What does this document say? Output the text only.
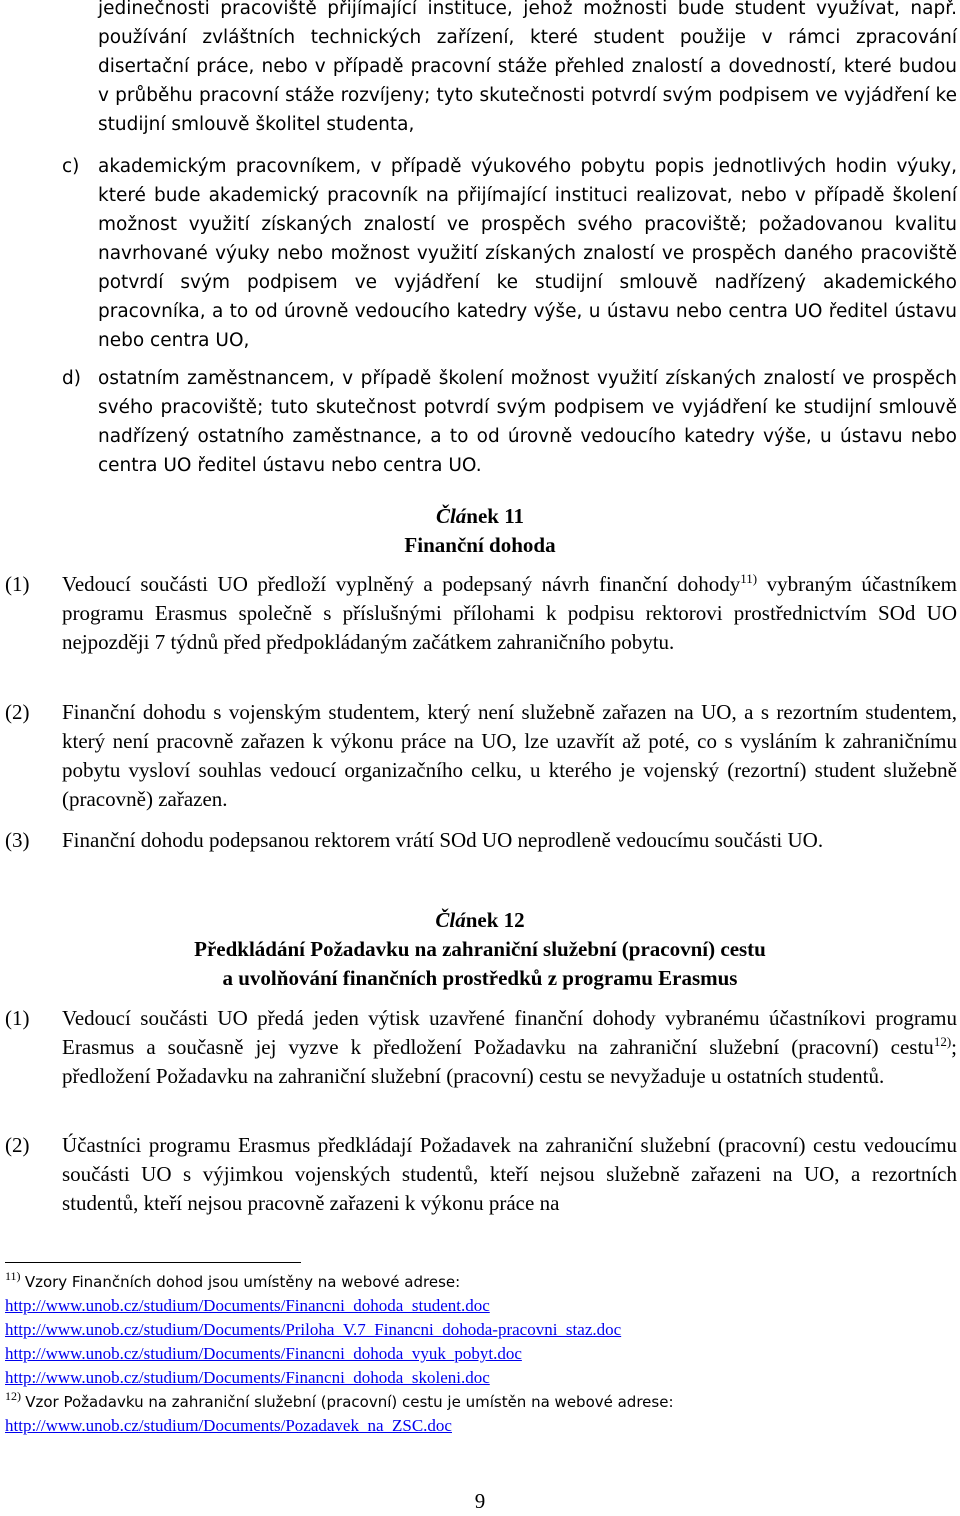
jedinečnosti pracoviště přijímající instituce, jehož možnosti bude student využívat, např. používání zvláštních technických zařízení, které student použije v rámci zpracování disertační práce, nebo v případě pracovní stáže přehled znalostí a dovedností, které budou v průběhu pracovní stáže rozvíjeny; tyto skutečnosti potvrdí svým podpisem ve vyjádření ke studijní smlouvě školitel studenta,
c) akademickým pracovníkem, v případě výukového pobytu popis jednotlivých hodin výuky, které bude akademický pracovník na přijímající instituci realizovat, nebo v případě školení možnost využití získaných znalostí ve prospěch svého pracoviště; požadovanou kvalitu navrhované výuky nebo možnost využití získaných znalostí ve prospěch daného pracoviště potvrdí svým podpisem ve vyjádření ke studijní smlouvě nadřízený akademického pracovníka, a to od úrovně vedoucího katedry výše, u ústavu nebo centra UO ředitel ústavu nebo centra UO,
d) ostatním zaměstnancem, v případě školení možnost využití získaných znalostí ve prospěch svého pracoviště; tuto skutečnost potvrdí svým podpisem ve vyjádření ke studijní smlouvě nadřízený ostatního zaměstnance, a to od úrovně vedoucího katedry výše, u ústavu nebo centra UO ředitel ústavu nebo centra UO.
Článek 11
Finanční dohoda
(1) Vedoucí součásti UO předloží vyplněný a podepsaný návrh finanční dohody$^{11)}$ vybraným účastníkem programu Erasmus společně s příslušnými přílohami k podpisu rektorovi prostřednictvím SOd UO nejpozději 7 týdnů před předpokládaným začátkem zahraničního pobytu.
(2) Finanční dohodu s vojenským studentem, který není služebně zařazen na UO, a s rezortním studentem, který není pracovně zařazen k výkonu práce na UO, lze uzavřít až poté, co s vysláním k zahraničnímu pobytu vysloví souhlas vedoucí organizačního celku, u kterého je vojenský (rezortní) student služebně (pracovně) zařazen.
(3) Finanční dohodu podepsanou rektorem vrátí SOd UO neprodleně vedoucímu součásti UO.
Článek 12
Předkládání Požadavku na zahraniční služební (pracovní) cestu
a uvolňování finančních prostředků z programu Erasmus
(1) Vedoucí součásti UO předá jeden výtisk uzavřené finanční dohody vybranému účastníkovi programu Erasmus a současně jej vyzve k předložení Požadavku na zahraniční služební (pracovní) cestu$^{12)}$; předložení Požadavku na zahraniční služební (pracovní) cestu se nevyžaduje u ostatních studentů.
(2) Účastníci programu Erasmus předkládají Požadavek na zahraniční služební (pracovní) cestu vedoucímu součásti UO s výjimkou vojenských studentů, kteří nejsou služebně zařazeni na UO, a rezortních studentů, kteří nejsou pracovně zařazeni k výkonu práce na
$^{11)}$ Vzory Finančních dohod jsou umístěny na webové adrese:
http://www.unob.cz/studium/Documents/Financni_dohoda_student.doc
http://www.unob.cz/studium/Documents/Priloha_V.7_Financni_dohoda-pracovni_staz.doc
http://www.unob.cz/studium/Documents/Financni_dohoda_vyuk_pobyt.doc
http://www.unob.cz/studium/Documents/Financni_dohoda_skoleni.doc
$^{12)}$ Vzor Požadavku na zahraniční služební (pracovní) cestu je umístěn na webové adrese:
http://www.unob.cz/studium/Documents/Pozadavek_na_ZSC.doc
9
